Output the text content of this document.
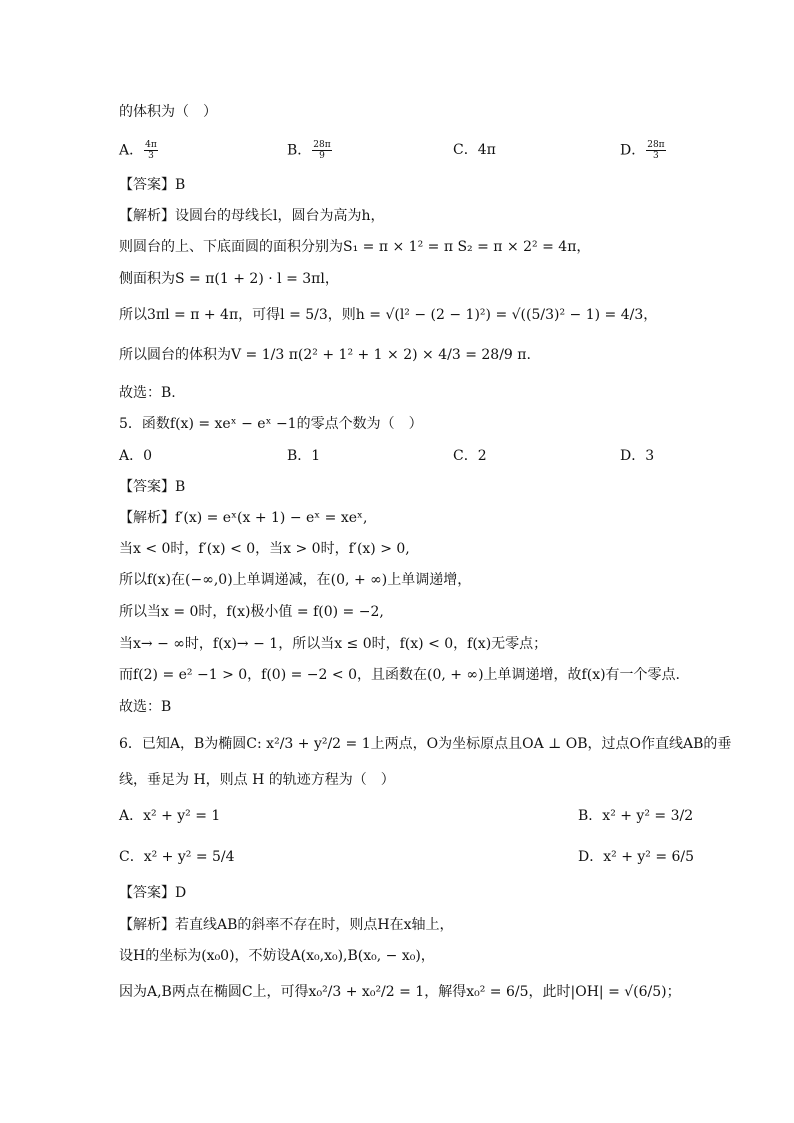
的体积为（　）
A． $\frac{4\pi}{3}$	B． $\frac{28\pi}{9}$	C．4π	D． $\frac{28\pi}{3}$
【答案】B
【解析】设圆台的母线长l，圆台为高为h，
则圆台的上、下底面圆的面积分别为S₁ = π × 1² = π S₂ = π × 2² = 4π，
侧面积为S = π(1 + 2) · l = 3πl，
所以3πl = π + 4π，可得l = 5/3，则h = √(l² − (2 − 1)²) = √((5/3)² − 1) = 4/3，
所以圆台的体积为V = 1/3 π(2² + 1² + 1 × 2) × 4/3 = 28/9 π.
故选：B.
5．函数f(x) = xeˣ − eˣ −1的零点个数为（　）
A．0	B．1	C．2	D．3
【答案】B
【解析】f′(x) = eˣ(x + 1) − eˣ = xeˣ,
当x < 0时，f′(x) < 0，当x > 0时，f′(x) > 0,
所以f(x)在(−∞,0)上单调递减，在(0, + ∞)上单调递增，
所以当x = 0时，f(x)极小值 = f(0) = −2,
当x→ − ∞时，f(x)→ − 1，所以当x ≤ 0时，f(x) < 0，f(x)无零点；
而f(2) = e² −1 > 0，f(0) = −2 < 0，且函数在(0, + ∞)上单调递增，故f(x)有一个零点.
故选：B
6．已知A，B为椭圆C: x²/3 + y²/2 = 1上两点，O为坐标原点且OA ⊥ OB，过点O作直线AB的垂
线，垂足为 H，则点 H 的轨迹方程为（　）
A．x² + y² = 1	B．x² + y² = 3/2
C．x² + y² = 5/4	D．x² + y² = 6/5
【答案】D
【解析】若直线AB的斜率不存在时，则点H在x轴上，
设H的坐标为(x₀0)，不妨设A(x₀,x₀),B(x₀, − x₀)，
因为A,B两点在椭圆C上，可得x₀²/3 + x₀²/2 = 1，解得x₀² = 6/5，此时|OH| = √(6/5)；
